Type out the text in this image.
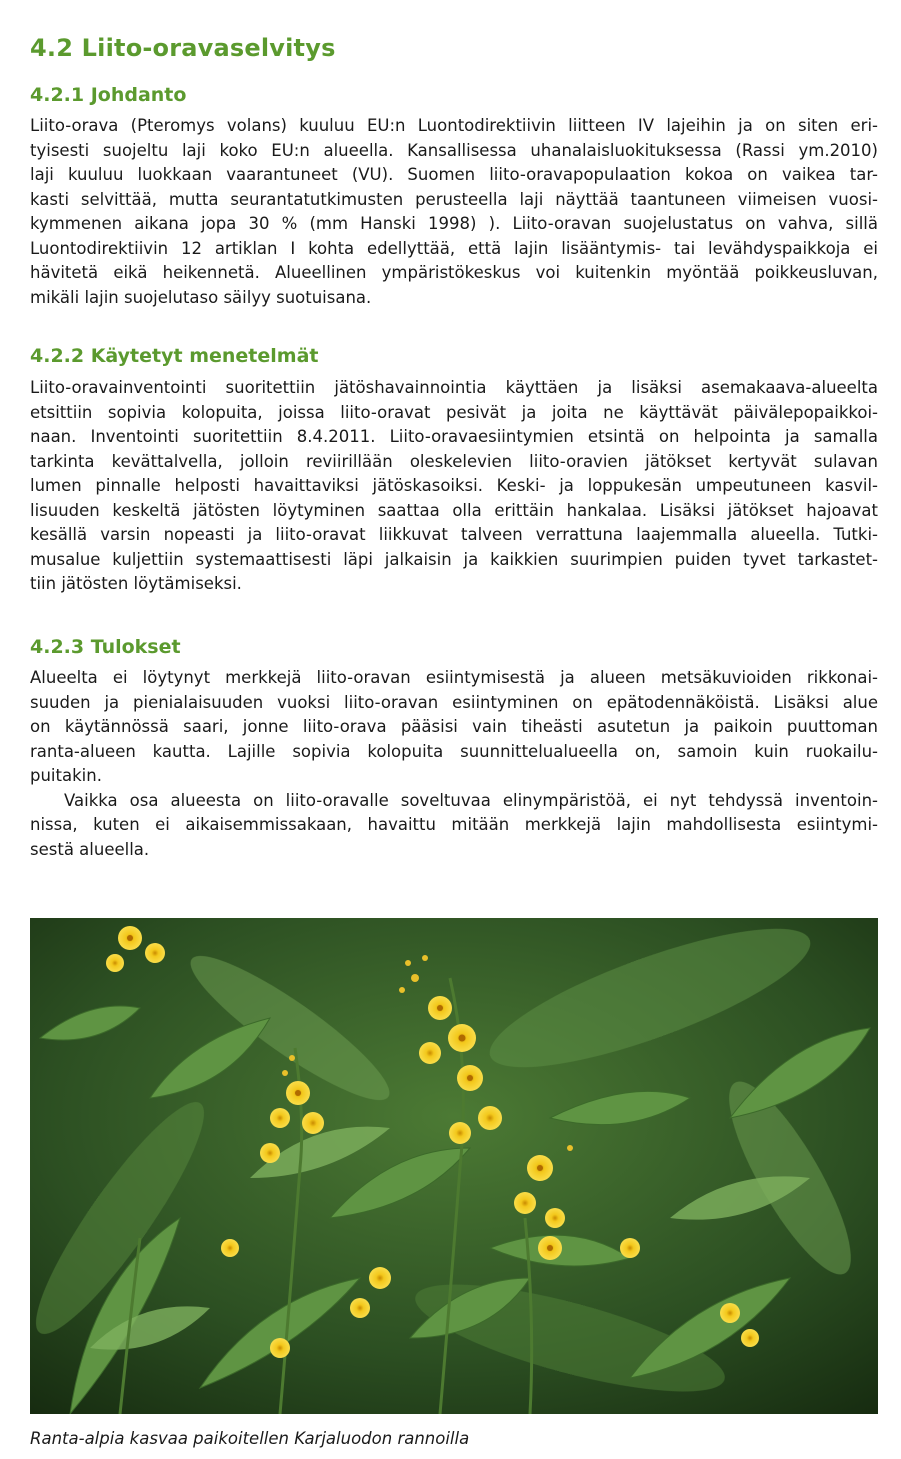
4.2 Liito-oravaselvitys
4.2.1 Johdanto
Liito-orava (Pteromys volans) kuuluu EU:n Luontodirektiivin liitteen IV lajeihin ja on siten eri-
tyisesti suojeltu laji koko EU:n alueella. Kansallisessa uhanalaisluokituksessa (Rassi ym.2010)
laji kuuluu luokkaan vaarantuneet (VU). Suomen liito-oravapopulaation kokoa on vaikea tar-
kasti selvittää, mutta seurantatutkimusten perusteella laji näyttää taantuneen viimeisen vuosi-
kymmenen aikana jopa 30 % (mm Hanski 1998) ). Liito-oravan suojelustatus on vahva, sillä
Luontodirektiivin 12 artiklan I kohta edellyttää, että lajin lisääntymis- tai levähdyspaikkoja ei
hävitetä eikä heikennetä. Alueellinen ympäristökeskus voi kuitenkin myöntää poikkeusluvan,
mikäli lajin suojelutaso säilyy suotuisana.
4.2.2 Käytetyt menetelmät
Liito-oravainventointi suoritettiin jätöshavainnointia käyttäen ja lisäksi asemakaava-alueelta
etsittiin sopivia kolopuita, joissa liito-oravat pesivät ja joita ne käyttävät päivälepopaikkoi-
naan. Inventointi suoritettiin 8.4.2011. Liito-oravaesiintymien etsintä on helpointa ja samalla
tarkinta kevättalvella, jolloin reviirillään oleskelevien liito-oravien jätökset kertyvät sulavan
lumen pinnalle helposti havaittaviksi jätöskasoiksi. Keski- ja loppukesän umpeutuneen kasvil-
lisuuden keskeltä jätösten löytyminen saattaa olla erittäin hankalaa. Lisäksi jätökset hajoavat
kesällä varsin nopeasti ja liito-oravat liikkuvat talveen verrattuna laajemmalla alueella. Tutki-
musalue kuljettiin systemaattisesti läpi jalkaisin ja kaikkien suurimpien puiden tyvet tarkastet-
tiin jätösten löytämiseksi.
4.2.3 Tulokset
Alueelta ei löytynyt merkkejä liito-oravan esiintymisestä ja alueen metsäkuvioiden rikkonai-
suuden ja pienialaisuuden vuoksi liito-oravan esiintyminen on epätodennäköistä. Lisäksi alue
on käytännössä saari, jonne liito-orava pääsisi vain tiheästi asutetun ja paikoin puuttoman
ranta-alueen kautta. Lajille sopivia kolopuita suunnittelualueella on, samoin kuin ruokailu-
puitakin.
Vaikka osa alueesta on liito-oravalle soveltuvaa elinympäristöä, ei nyt tehdyssä inventoin-
nissa, kuten ei aikaisemmissakaan, havaittu mitään merkkejä lajin mahdollisesta esiintymi-
sestä alueella.

Ranta-alpia kasvaa paikoitellen Karjaluodon rannoilla
